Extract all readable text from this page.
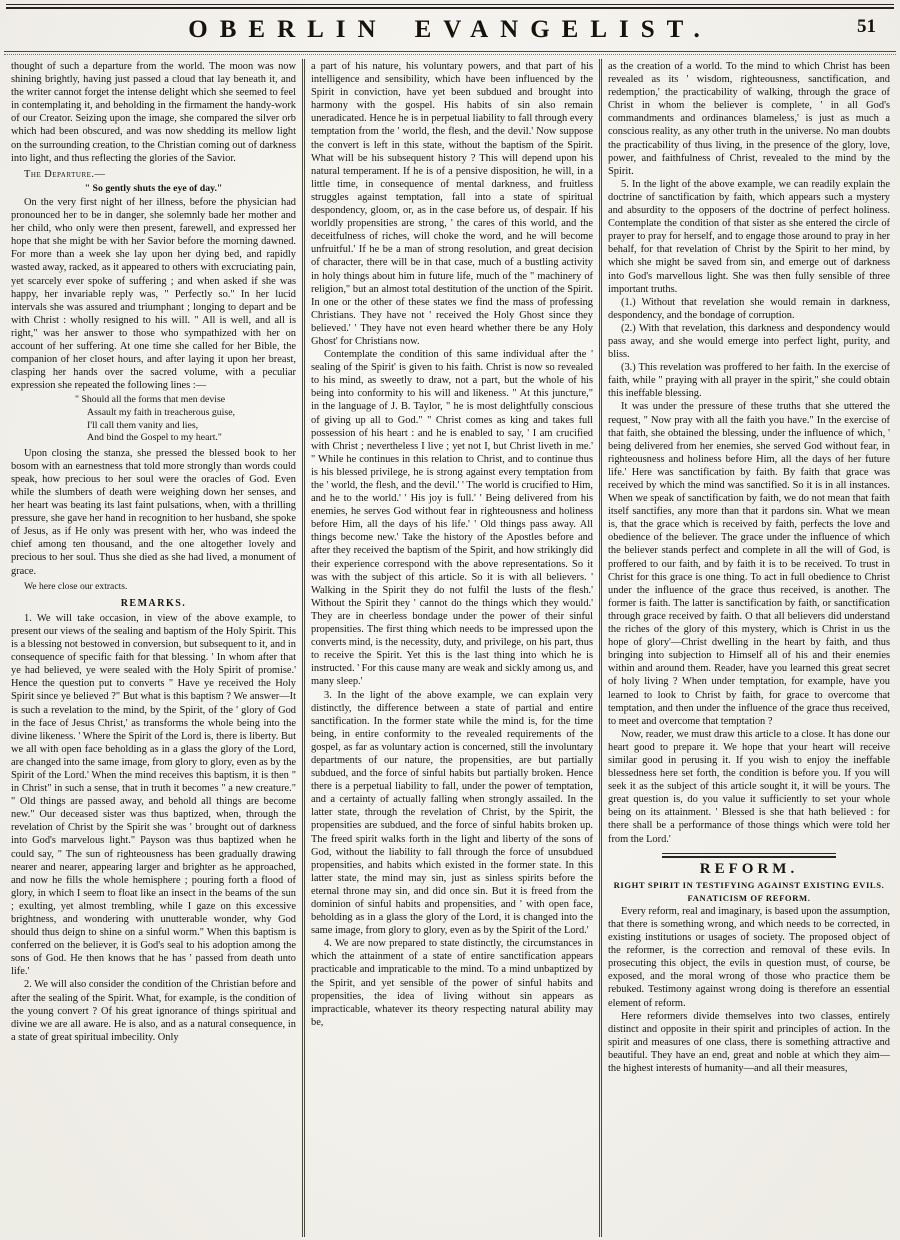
OBERLIN EVANGELIST.	51

thought of such a departure from the world. The moon was now shining brightly, having just passed a cloud that lay beneath it, and the writer cannot forget the intense delight which she seemed to feel in contemplating it, and beholding in the firmament the handy-work of our Creator. Seizing upon the image, she compared the silver orb which had been obscured, and was now shedding its mellow light on the surrounding creation, to the Christian coming out of darkness into light, and thus reflecting the glories of the Savior.

The Departure.—

" So gently shuts the eye of day."

On the very first night of her illness, before the physician had pronounced her to be in danger, she solemnly bade her mother and her child, who only were then present, farewell, and expressed her hope that she might be with her Savior before the morning dawned. For more than a week she lay upon her dying bed, and rapidly wasted away, racked, as it appeared to others with excruciating pain, yet scarcely ever spoke of suffering ; and when asked if she was happy, her invariable reply was, " Perfectly so." In her lucid intervals she was assured and triumphant ; longing to depart and be with Christ : wholly resigned to his will. " All is well, and all is right," was her answer to those who sympathized with her on account of her suffering. At one time she called for her Bible, the companion of her closet hours, and after laying it upon her breast, clasping her hands over the sacred volume, with a peculiar expression she repeated the following lines :—

" Should all the forms that men devise
Assault my faith in treacherous guise,
I'll call them vanity and lies,
And bind the Gospel to my heart."

Upon closing the stanza, she pressed the blessed book to her bosom with an earnestness that told more strongly than words could speak, how precious to her soul were the oracles of God. Even while the slumbers of death were weighing down her senses, and her heart was beating its last faint pulsations, when, with a thrilling pressure, she gave her hand in recognition to her husband, she spoke of Jesus, as if He only was present with her, who was indeed the chief among ten thousand, and the one altogether lovely and precious to her soul. Thus she died as she had lived, a monument of grace.

We here close our extracts.

REMARKS.

1. We will take occasion, in view of the above example, to present our views of the sealing and baptism of the Holy Spirit. This is a blessing not bestowed in conversion, but subsequent to it, and in consequence of specific faith for that blessing. ' In whom after that ye had believed, ye were sealed with the Holy Spirit of promise.' Hence the question put to converts " Have ye received the Holy Spirit since ye believed ?" But what is this baptism ? We answer—It is such a revelation to the mind, by the Spirit, of the ' glory of God in the face of Jesus Christ,' as transforms the whole being into the divine likeness. ' Where the Spirit of the Lord is, there is liberty. But we all with open face beholding as in a glass the glory of the Lord, are changed into the same image, from glory to glory, even as by the Spirit of the Lord.' When the mind receives this baptism, it is then " in Christ" in such a sense, that in truth it becomes " a new creature." " Old things are passed away, and behold all things are become new." Our deceased sister was thus baptized, when, through the revelation of Christ by the Spirit she was ' brought out of darkness into God's marvelous light." Payson was thus baptized when he could say, " The sun of righteousness has been gradually drawing nearer and nearer, appearing larger and brighter as he approached, and now he fills the whole hemisphere ; pouring forth a flood of glory, in which I seem to float like an insect in the beams of the sun ; exulting, yet almost trembling, while I gaze on this excessive brightness, and wondering with unutterable wonder, why God should thus deign to shine on a sinful worm." When this baptism is conferred on the believer, it is God's seal to his adoption among the sons of God. He then knows that he has ' passed from death unto life.'

2. We will also consider the condition of the Christian before and after the sealing of the Spirit. What, for example, is the condition of the young convert ? Of his great ignorance of things spiritual and divine we are all aware. He is also, and as a natural consequence, in a state of great spiritual imbecility. Only

a part of his nature, his voluntary powers, and that part of his intelligence and sensibility, which have been influenced by the Spirit in conviction, have yet been subdued and brought into harmony with the gospel. His habits of sin also remain uneradicated. Hence he is in perpetual liability to fall through every temptation from the ' world, the flesh, and the devil.' Now suppose the convert is left in this state, without the baptism of the Spirit. What will be his subsequent history ? This will depend upon his natural temperament. If he is of a pensive disposition, he will, in a little time, in consequence of mental darkness, and fruitless struggles against temptation, fall into a state of spiritual despondency, gloom, or, as in the case before us, of despair. If his worldly propensities are strong, ' the cares of this world, and the deceitfulness of riches, will choke the word, and he will become unfruitful.' If he be a man of strong resolution, and great decision of character, there will be in that case, much of a bustling activity in holy things about him in future life, much of the " machinery of religion," but an almost total destitution of the unction of the Spirit. In one or the other of these states we find the mass of professing Christians. They have not ' received the Holy Ghost since they believed.' ' They have not even heard whether there be any Holy Ghost' for Christians now.

Contemplate the condition of this same individual after the ' sealing of the Spirit' is given to his faith. Christ is now so revealed to his mind, as sweetly to draw, not a part, but the whole of his being into conformity to his will and likeness. " At this juncture," in the language of J. B. Taylor, " he is most delightfully conscious of giving up all to God." " Christ comes as king and takes full possession of his heart : and he is enabled to say, ' I am crucified with Christ ; nevertheless I live ; yet not I, but Christ liveth in me.' " While he continues in this relation to Christ, and to continue thus is his blessed privilege, he is strong against every temptation from the ' world, the flesh, and the devil.' ' The world is crucified to Him, and he to the world.' ' His joy is full.' ' Being delivered from his enemies, he serves God without fear in righteousness and holiness before Him, all the days of his life.' ' Old things pass away. All things become new.' Take the history of the Apostles before and after they received the baptism of the Spirit, and how strikingly did their experience correspond with the above representations. So it was with the subject of this article. So it is with all believers. ' Walking in the Spirit they do not fulfil the lusts of the flesh.' Without the Spirit they ' cannot do the things which they would.' They are in cheerless bondage under the power of their sinful propensities. The first thing which needs to be impressed upon the converts mind, is the necessity, duty, and privilege, on his part, thus to receive the Spirit. Yet this is the last thing into which he is instructed. ' For this cause many are weak and sickly among us, and many sleep.'

3. In the light of the above example, we can explain very distinctly, the difference between a state of partial and entire sanctification. In the former state while the mind is, for the time being, in entire conformity to the revealed requirements of the gospel, as far as voluntary action is concerned, still the involuntary departments of our nature, the propensities, are but partially subdued, and the force of sinful habits but partially broken. Hence there is a perpetual liability to fall, under the power of temptation, and a certainty of actually falling when strongly assailed. In the latter state, through the revelation of Christ, by the Spirit, the propensities are subdued, and the force of sinful habits broken up. The freed spirit walks forth in the light and liberty of the sons of God, without the liability to fall through the force of unsubdued propensities, and habits which existed in the former state. In this latter state, the mind may sin, just as sinless spirits before the eternal throne may sin, and did once sin. But it is freed from the dominion of sinful habits and propensities, and ' with open face, beholding as in a glass the glory of the Lord, it is changed into the same image, from glory to glory, even as by the Spirit of the Lord.'

4. We are now prepared to state distinctly, the circumstances in which the attainment of a state of entire sanctification appears practicable and impraticable to the mind. To a mind unbaptized by the Spirit, and yet sensible of the power of sinful habits and propensities, the idea of living without sin appears as impracticable, whatever its theory respecting natural ability may be,

as the creation of a world. To the mind to which Christ has been revealed as its ' wisdom, righteousness, sanctification, and redemption,' the practicability of walking, through the grace of Christ in whom the believer is complete, ' in all God's commandments and ordinances blameless,' is just as much a conscious reality, as any other truth in the universe. No man doubts the practicability of thus living, in the presence of the glory, love, power, and faithfulness of Christ, revealed to the mind by the Spirit.

5. In the light of the above example, we can readily explain the doctrine of sanctification by faith, which appears such a mystery and absurdity to the opposers of the doctrine of perfect holiness. Contemplate the condition of that sister as she entered the circle of prayer to pray for herself, and to engage those around to pray in her behalf, for that revelation of Christ by the Spirit to her mind, by which she might be saved from sin, and emerge out of darkness into God's marvellous light. She was then fully sensible of three important truths.

(1.) Without that revelation she would remain in darkness, despondency, and the bondage of corruption.

(2.) With that revelation, this darkness and despondency would pass away, and she would emerge into perfect light, purity, and bliss.

(3.) This revelation was proffered to her faith. In the exercise of faith, while " praying with all prayer in the spirit," she could obtain this ineffable blessing.

It was under the pressure of these truths that she uttered the request, " Now pray with all the faith you have." In the exercise of that faith, she obtained the blessing, under the influence of which, ' being delivered from her enemies, she served God without fear, in righteousness and holiness before Him, all the days of her future life.' Here was sanctification by faith. By faith that grace was received by which the mind was sanctified. So it is in all instances. When we speak of sanctification by faith, we do not mean that faith itself sanctifies, any more than that it pardons sin. What we mean is, that the grace which is received by faith, perfects the love and obedience of the believer. The grace under the influence of which the believer stands perfect and complete in all the will of God, is proffered to our faith, and by faith it is to be received. To trust in Christ for this grace is one thing. To act in full obedience to Christ under the influence of the grace thus received, is another. The former is faith. The latter is sanctification by faith, or sanctification through grace received by faith. O that all believers did understand the riches of the glory of this mystery, which is Christ in us the hope of glory'—Christ dwelling in the heart by faith, and thus bringing into subjection to Himself all of his and their enemies within and around them. Reader, have you learned this great secret of holy living ? When under temptation, for example, have you learned to look to Christ by faith, for grace to overcome that temptation, and then under the influence of the grace thus received, to meet and overcome that temptation ?

Now, reader, we must draw this article to a close. It has done our heart good to prepare it. We hope that your heart will receive similar good in perusing it. If you wish to enjoy the ineffable blessedness here set forth, the condition is before you. If you will seek it as the subject of this article sought it, it will be yours. The great question is, do you value it sufficiently to set your whole being on its attainment. ' Blessed is she that hath believed : for there shall be a performance of those things which were told her from the Lord.'

REFORM.

RIGHT SPIRIT IN TESTIFYING AGAINST EXISTING EVILS.

FANATICISM OF REFORM.

Every reform, real and imaginary, is based upon the assumption, that there is something wrong, and which needs to be corrected, in existing institutions or usages of society. The proposed object of the reformer, is the correction and removal of these evils. In prosecuting this object, the evils in question must, of course, be exposed, and the moral wrong of those who practice them be rebuked. Testimony against wrong doing is therefore an essential element of reform.

Here reformers divide themselves into two classes, entirely distinct and opposite in their spirit and principles of action. In the spirit and measures of one class, there is something attractive and beautiful. They have an end, great and noble at which they aim—the highest interests of humanity—and all their measures,
